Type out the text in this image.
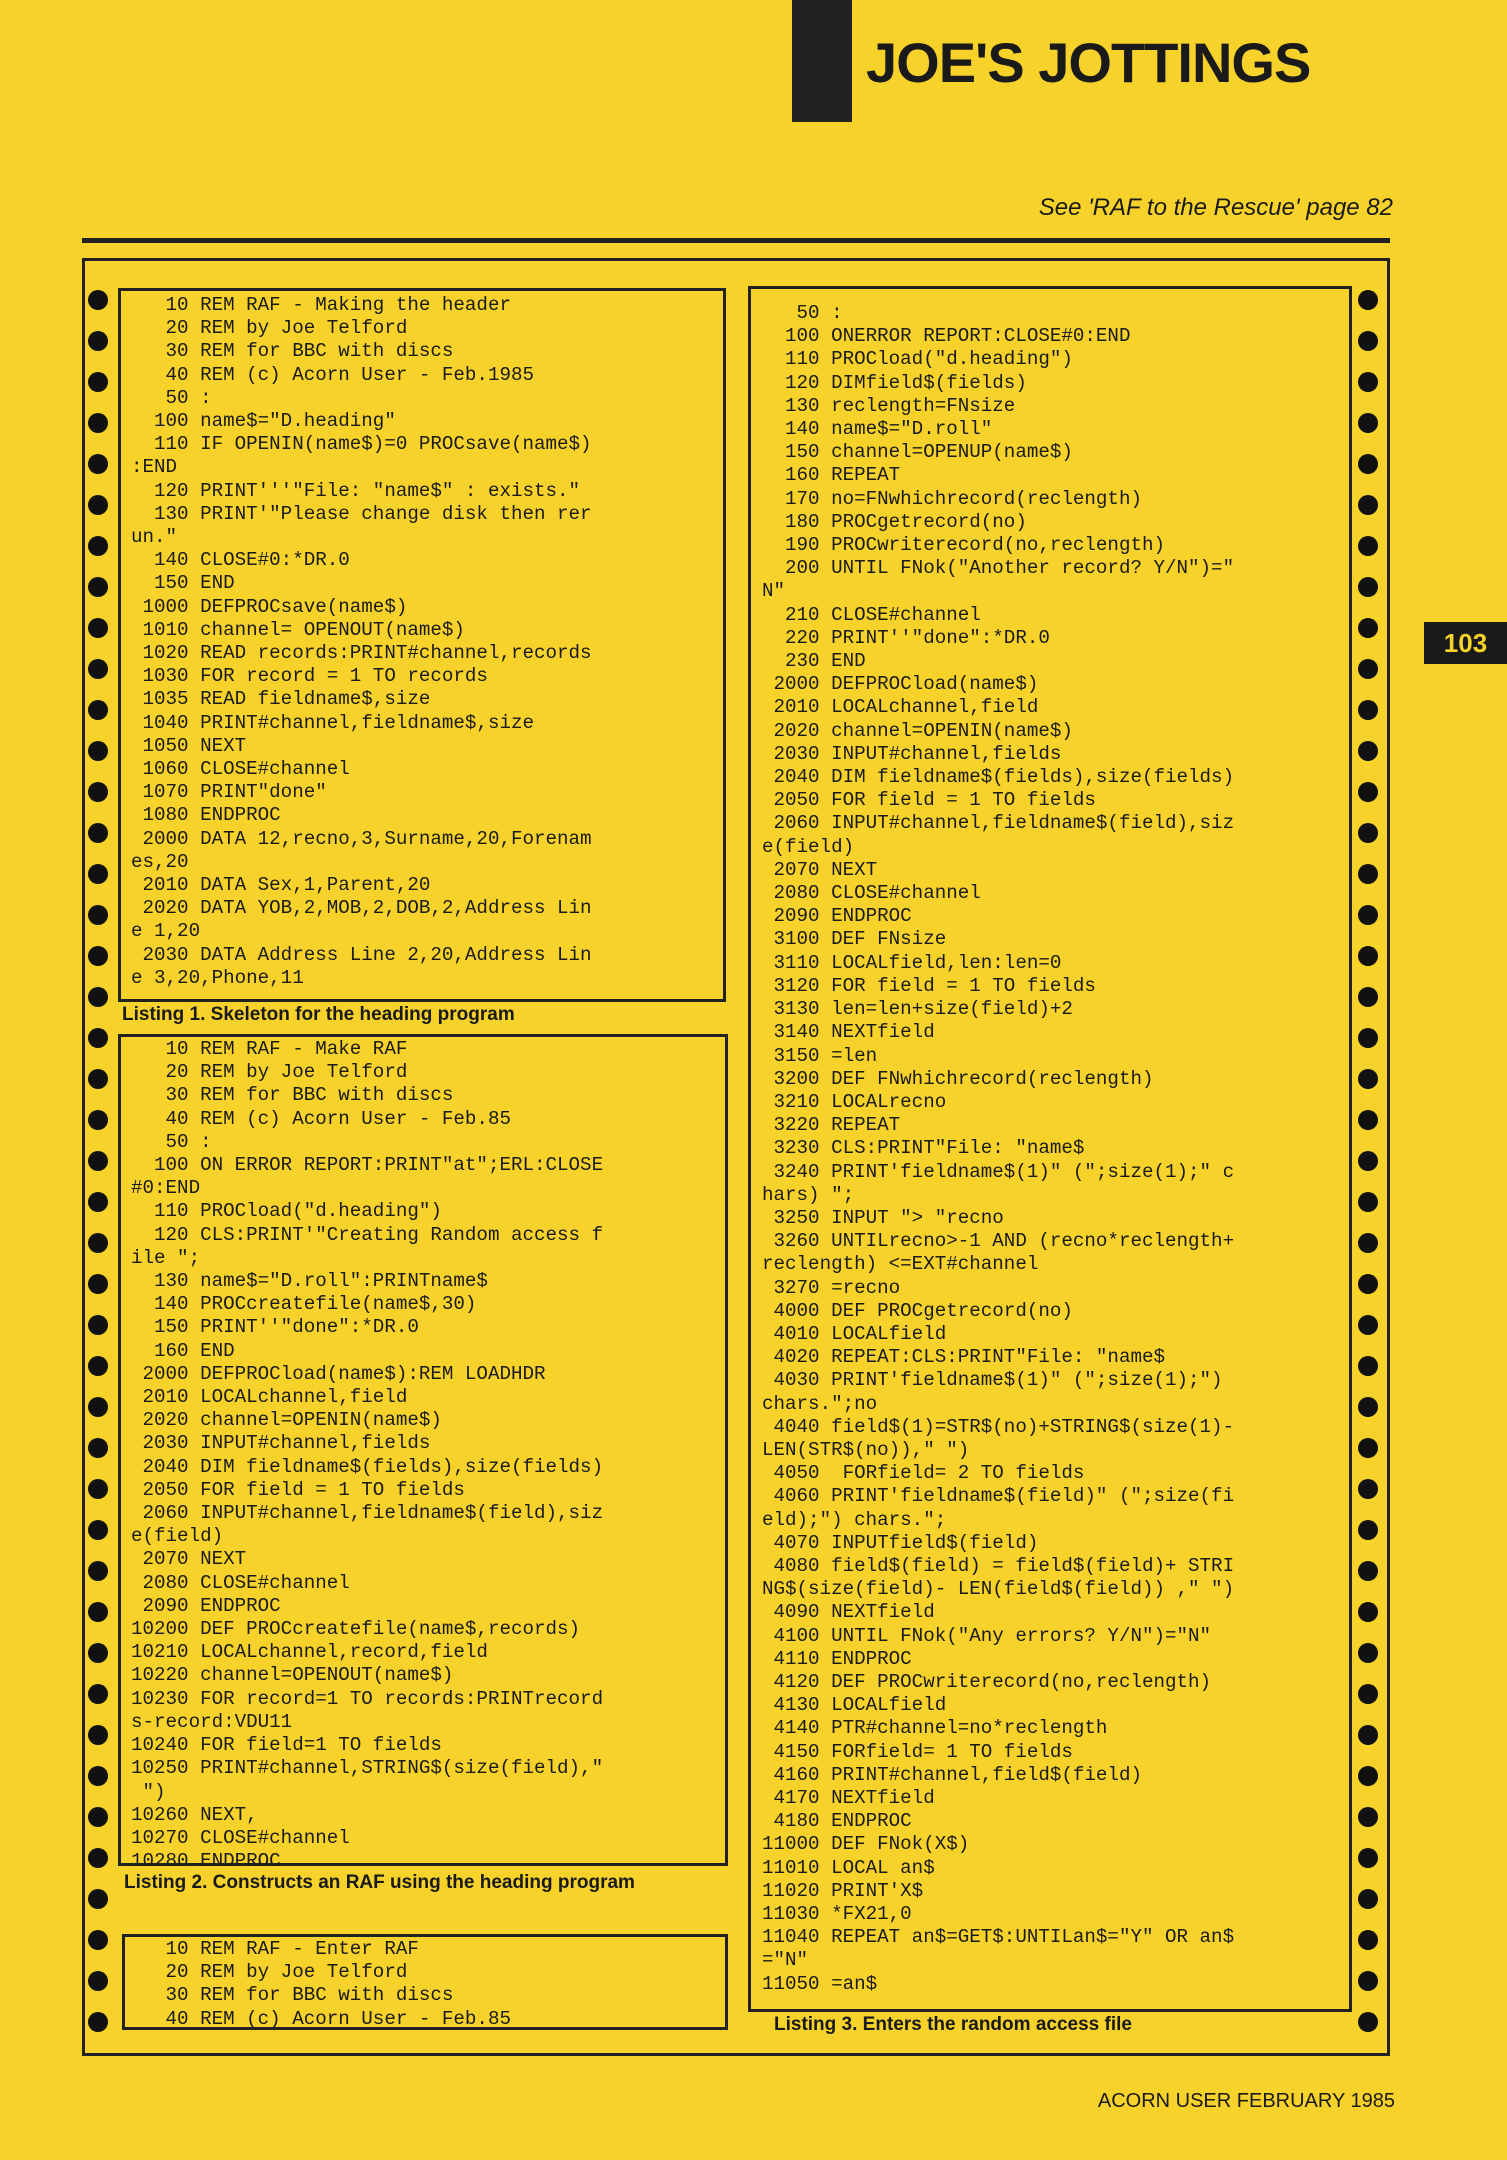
JOE'S JOTTINGS
See 'RAF to the Rescue' page 82
103
10 REM RAF - Making the header
20 REM by Joe Telford
30 REM for BBC with discs
40 REM (c) Acorn User - Feb.1985
50 :
100 name$="D.heading"
110 IF OPENIN(name$)=0 PROCsave(name$)
:END
120 PRINT'''"File: "name$" : exists."
130 PRINT'"Please change disk then rer
un."
140 CLOSE#0:*DR.0
150 END
1000 DEFPROCsave(name$)
1010 channel= OPENOUT(name$)
1020 READ records:PRINT#channel,records
1030 FOR record = 1 TO records
1035 READ fieldname$,size
1040 PRINT#channel,fieldname$,size
1050 NEXT
1060 CLOSE#channel
1070 PRINT"done"
1080 ENDPROC
2000 DATA 12,recno,3,Surname,20,Forenam
es,20
2010 DATA Sex,1,Parent,20
2020 DATA YOB,2,MOB,2,DOB,2,Address Lin
e 1,20
2030 DATA Address Line 2,20,Address Lin
e 3,20,Phone,11
Listing 1. Skeleton for the heading program
10 REM RAF - Make RAF
20 REM by Joe Telford
30 REM for BBC with discs
40 REM (c) Acorn User - Feb.85
50 :
100 ON ERROR REPORT:PRINT"at";ERL:CLOSE
#0:END
110 PROCload("d.heading")
120 CLS:PRINT'"Creating Random access f
ile ";
130 name$="D.roll":PRINTname$
140 PROCcreatefile(name$,30)
150 PRINT''"done":*DR.0
160 END
2000 DEFPROCload(name$):REM LOADHDR
2010 LOCALchannel,field
2020 channel=OPENIN(name$)
2030 INPUT#channel,fields
2040 DIM fieldname$(fields),size(fields)
2050 FOR field = 1 TO fields
2060 INPUT#channel,fieldname$(field),siz
e(field)
2070 NEXT
2080 CLOSE#channel
2090 ENDPROC
10200 DEF PROCcreatefile(name$,records)
10210 LOCALchannel,record,field
10220 channel=OPENOUT(name$)
10230 FOR record=1 TO records:PRINTrecord
s-record:VDU11
10240 FOR field=1 TO fields
10250 PRINT#channel,STRING$(size(field),"
")
10260 NEXT,
10270 CLOSE#channel
10280 ENDPROC
Listing 2. Constructs an RAF using the heading program
10 REM RAF - Enter RAF
20 REM by Joe Telford
30 REM for BBC with discs
40 REM (c) Acorn User - Feb.85
50 :
100 ONERROR REPORT:CLOSE#0:END
110 PROCload("d.heading")
120 DIMfield$(fields)
130 reclength=FNsize
140 name$="D.roll"
150 channel=OPENUP(name$)
160 REPEAT
170 no=FNwhichrecord(reclength)
180 PROCgetrecord(no)
190 PROCwriterecord(no,reclength)
200 UNTIL FNok("Another record? Y/N")="
N"
210 CLOSE#channel
220 PRINT''"done":*DR.0
230 END
2000 DEFPROCload(name$)
2010 LOCALchannel,field
2020 channel=OPENIN(name$)
2030 INPUT#channel,fields
2040 DIM fieldname$(fields),size(fields)
2050 FOR field = 1 TO fields
2060 INPUT#channel,fieldname$(field),siz
e(field)
2070 NEXT
2080 CLOSE#channel
2090 ENDPROC
3100 DEF FNsize
3110 LOCALfield,len:len=0
3120 FOR field = 1 TO fields
3130 len=len+size(field)+2
3140 NEXTfield
3150 =len
3200 DEF FNwhichrecord(reclength)
3210 LOCALrecno
3220 REPEAT
3230 CLS:PRINT"File: "name$
3240 PRINT'fieldname$(1)" (";size(1);" c
hars) ";
3250 INPUT "> "recno
3260 UNTILrecno>-1 AND (recno*reclength+
reclength) <=EXT#channel
3270 =recno
4000 DEF PROCgetrecord(no)
4010 LOCALfield
4020 REPEAT:CLS:PRINT"File: "name$
4030 PRINT'fieldname$(1)" (";size(1);")
chars.";no
4040 field$(1)=STR$(no)+STRING$(size(1)-
LEN(STR$(no))," ")
4050  FORfield= 2 TO fields
4060 PRINT'fieldname$(field)" (";size(fi
eld);") chars.";
4070 INPUTfield$(field)
4080 field$(field) = field$(field)+ STRI
NG$(size(field)- LEN(field$(field)) ," ")
4090 NEXTfield
4100 UNTIL FNok("Any errors? Y/N")="N"
4110 ENDPROC
4120 DEF PROCwriterecord(no,reclength)
4130 LOCALfield
4140 PTR#channel=no*reclength
4150 FORfield= 1 TO fields
4160 PRINT#channel,field$(field)
4170 NEXTfield
4180 ENDPROC
11000 DEF FNok(X$)
11010 LOCAL an$
11020 PRINT'X$
11030 *FX21,0
11040 REPEAT an$=GET$:UNTILan$="Y" OR an$
="N"
11050 =an$
Listing 3. Enters the random access file
ACORN USER FEBRUARY 1985
